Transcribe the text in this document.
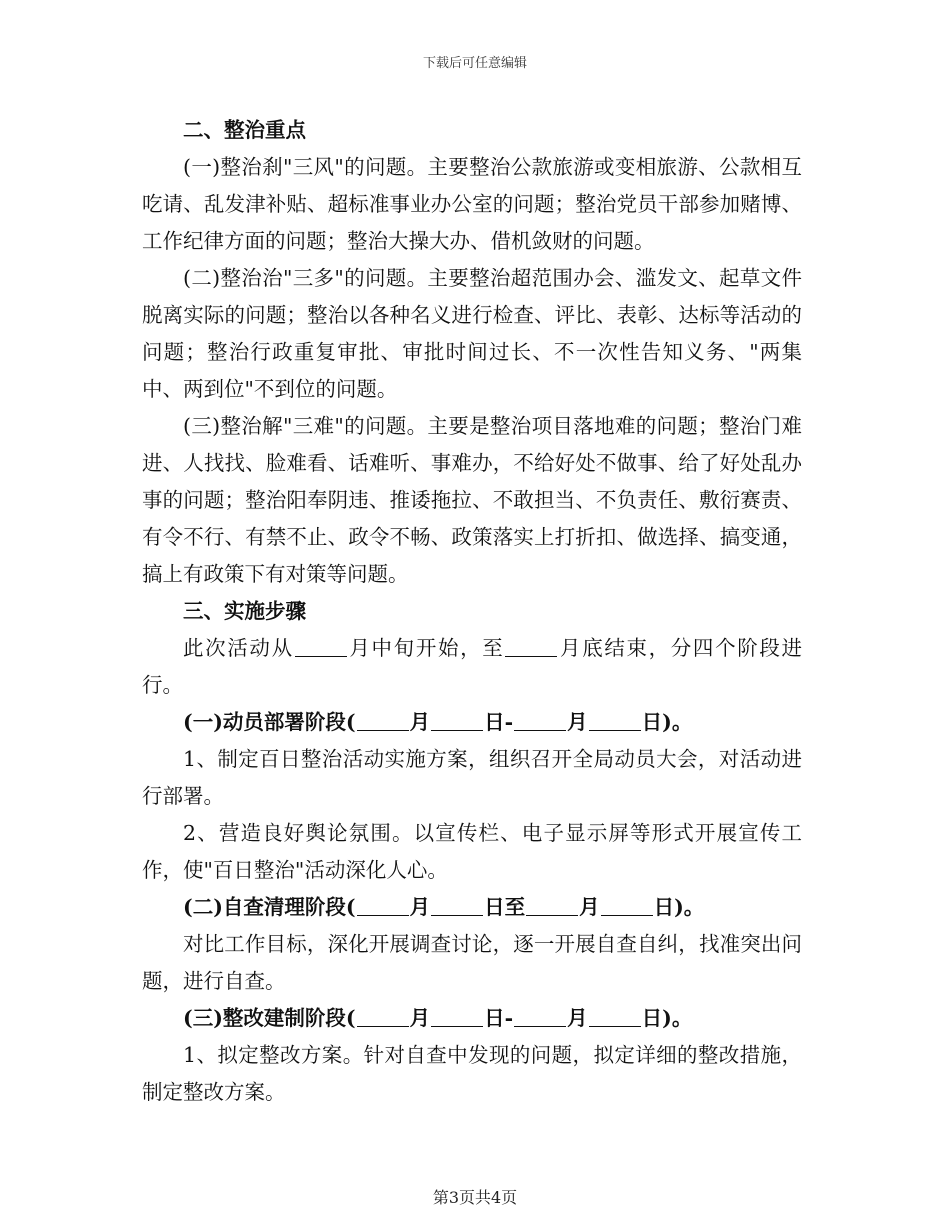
下载后可任意编辑

二、整治重点

(一)整治刹"三风"的问题。主要整治公款旅游或变相旅游、公款相互吃请、乱发津补贴、超标准事业办公室的问题；整治党员干部参加赌博、工作纪律方面的问题；整治大操大办、借机敛财的问题。

(二)整治治"三多"的问题。主要整治超范围办会、滥发文、起草文件脱离实际的问题；整治以各种名义进行检查、评比、表彰、达标等活动的问题；整治行政重复审批、审批时间过长、不一次性告知义务、"两集中、两到位"不到位的问题。

(三)整治解"三难"的问题。主要是整治项目落地难的问题；整治门难进、人找找、脸难看、话难听、事难办，不给好处不做事、给了好处乱办事的问题；整治阳奉阴违、推诿拖拉、不敢担当、不负责任、敷衍赛责、有令不行、有禁不止、政令不畅、政策落实上打折扣、做选择、搞变通，搞上有政策下有对策等问题。

三、实施步骤

此次活动从	月中旬开始，至	月底结束，分四个阶段进行。

(一)动员部署阶段(	月	日-	月	日)。

1、制定百日整治活动实施方案，组织召开全局动员大会，对活动进行部署。

2、营造良好舆论氛围。以宣传栏、电子显示屏等形式开展宣传工作，使"百日整治"活动深化人心。

(二)自查清理阶段(	月	日至	月	日)。

对比工作目标，深化开展调查讨论，逐一开展自查自纠，找准突出问题，进行自查。

(三)整改建制阶段(	月	日-	月	日)。

1、拟定整改方案。针对自查中发现的问题，拟定详细的整改措施，制定整改方案。

第3页共4页
